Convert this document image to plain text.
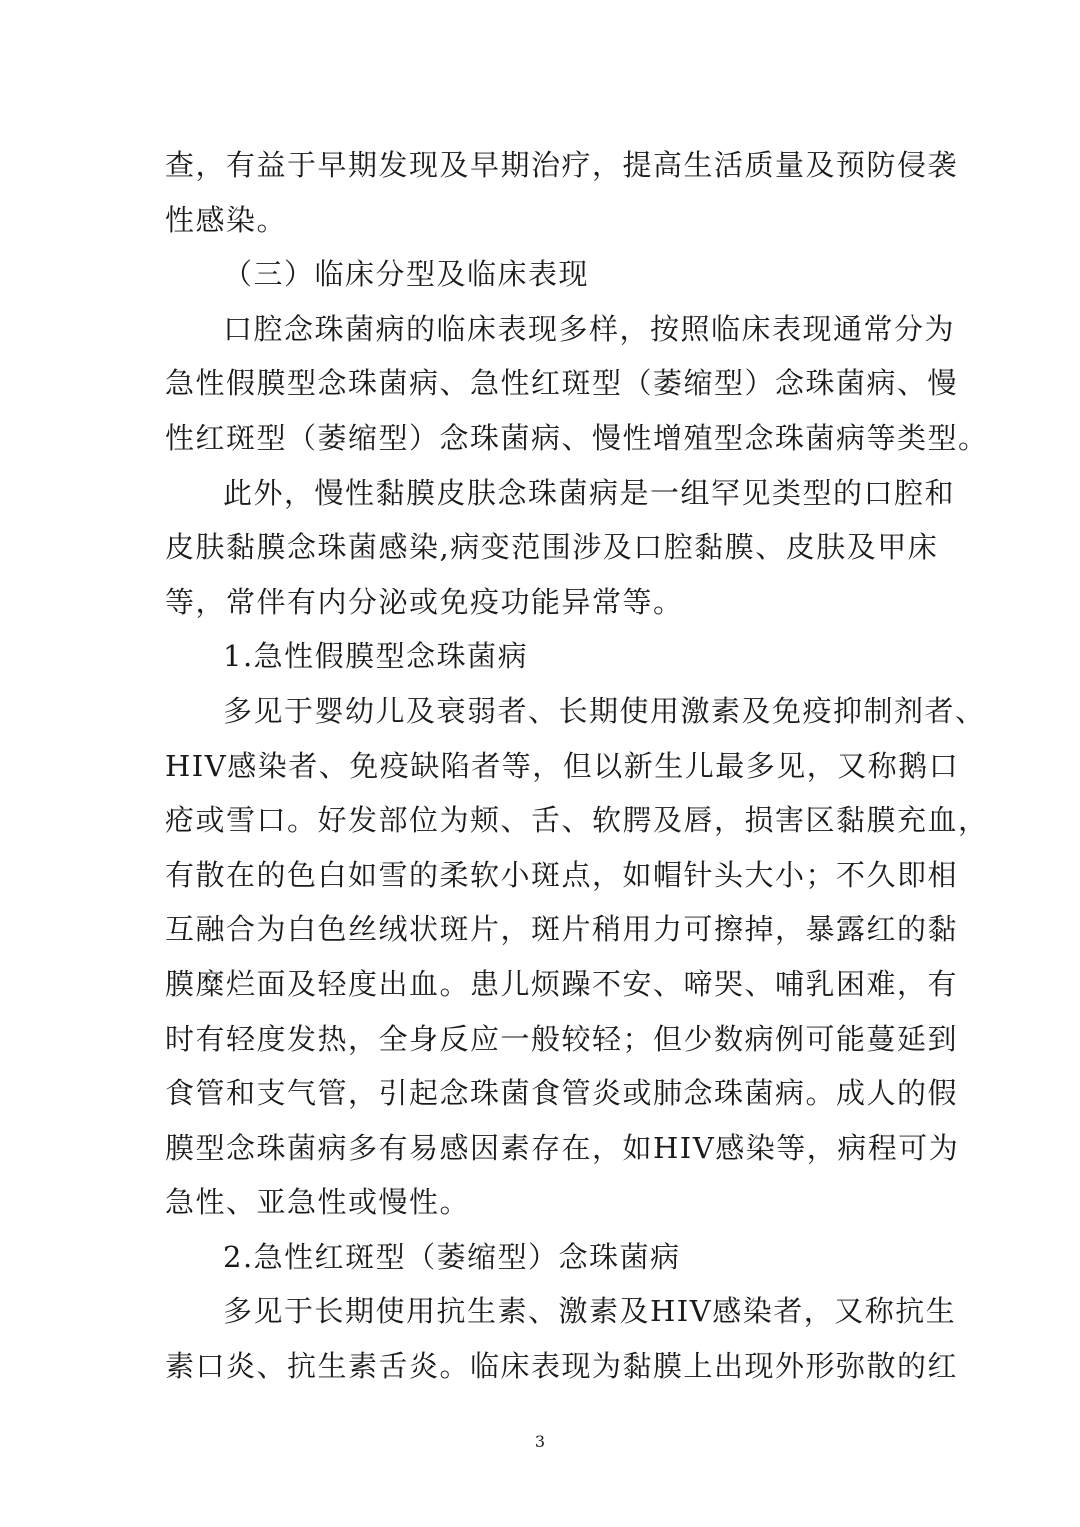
查，有益于早期发现及早期治疗，提高生活质量及预防侵袭
性感染。
（三）临床分型及临床表现
口腔念珠菌病的临床表现多样，按照临床表现通常分为
急性假膜型念珠菌病、急性红斑型（萎缩型）念珠菌病、慢
性红斑型（萎缩型）念珠菌病、慢性增殖型念珠菌病等类型。
此外，慢性黏膜皮肤念珠菌病是一组罕见类型的口腔和
皮肤黏膜念珠菌感染,病变范围涉及口腔黏膜、皮肤及甲床
等，常伴有内分泌或免疫功能异常等。
1.急性假膜型念珠菌病
多见于婴幼儿及衰弱者、长期使用激素及免疫抑制剂者、
HIV感染者、免疫缺陷者等，但以新生儿最多见，又称鹅口
疮或雪口。好发部位为颊、舌、软腭及唇，损害区黏膜充血，
有散在的色白如雪的柔软小斑点，如帽针头大小；不久即相
互融合为白色丝绒状斑片，斑片稍用力可擦掉，暴露红的黏
膜糜烂面及轻度出血。患儿烦躁不安、啼哭、哺乳困难，有
时有轻度发热，全身反应一般较轻；但少数病例可能蔓延到
食管和支气管，引起念珠菌食管炎或肺念珠菌病。成人的假
膜型念珠菌病多有易感因素存在，如HIV感染等，病程可为
急性、亚急性或慢性。
2.急性红斑型（萎缩型）念珠菌病
多见于长期使用抗生素、激素及HIV感染者，又称抗生
素口炎、抗生素舌炎。临床表现为黏膜上出现外形弥散的红
3
